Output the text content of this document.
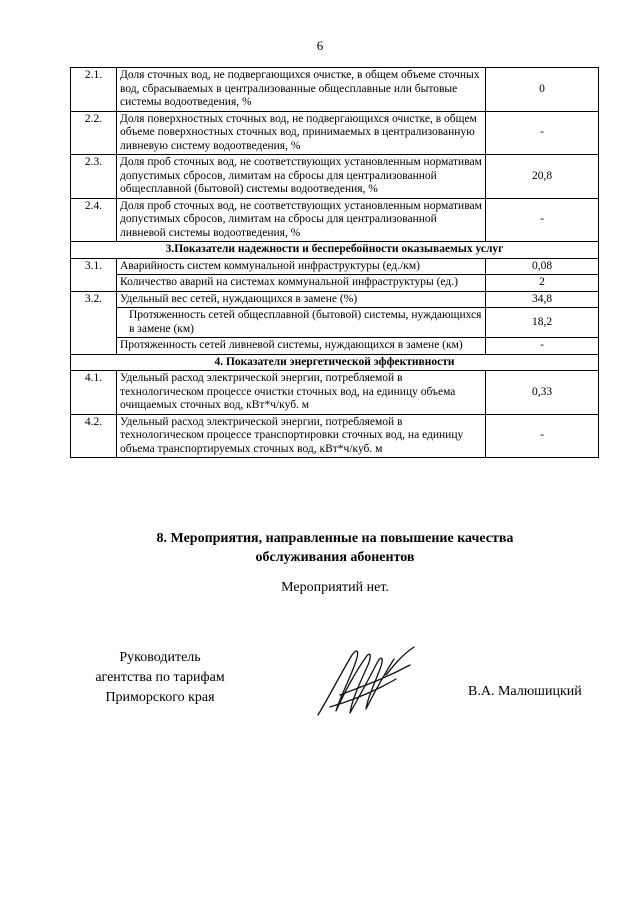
6
2.1.	Доля сточных вод, не подвергающихся очистке, в общем объеме сточных вод, сбрасываемых в централизованные общесплавные или бытовые системы водоотведения, %	0
2.2.	Доля поверхностных сточных вод, не подвергающихся очистке, в общем объеме поверхностных сточных вод, принимаемых в централизованную ливневую систему водоотведения, %	-
2.3.	Доля проб сточных вод, не соответствующих установленным нормативам допустимых сбросов, лимитам на сбросы для централизованной общесплавной (бытовой) системы водоотведения, %	20,8
2.4.	Доля проб сточных вод, не соответствующих установленным нормативам допустимых сбросов, лимитам на сбросы для централизованной ливневой системы водоотведения, %	-
3.Показатели надежности и бесперебойности оказываемых услуг		
3.1.	Аварийность систем коммунальной инфраструктуры (ед./км)	0,08
	Количество аварий на системах коммунальной инфраструктуры (ед.)	2
3.2.	Удельный вес сетей, нуждающихся в замене (%)	34,8
	Протяженность сетей общесплавной (бытовой) системы, нуждающихся в замене (км)	18,2
	Протяженность сетей ливневой системы, нуждающихся в замене (км)	-
4. Показатели энергетической эффективности		
4.1.	Удельный расход электрической энергии, потребляемой в технологическом процессе очистки сточных вод, на единицу объема очищаемых сточных вод, кВт*ч/куб. м	0,33
4.2.	Удельный расход электрической энергии, потребляемой в технологическом процессе транспортировки сточных вод, на единицу объема транспортируемых сточных вод, кВт*ч/куб. м	-
8. Мероприятия, направленные на повышение качества
обслуживания абонентов
Мероприятий нет.
Руководитель
агентства по тарифам
Приморского края	В.А. Малюшицкий
